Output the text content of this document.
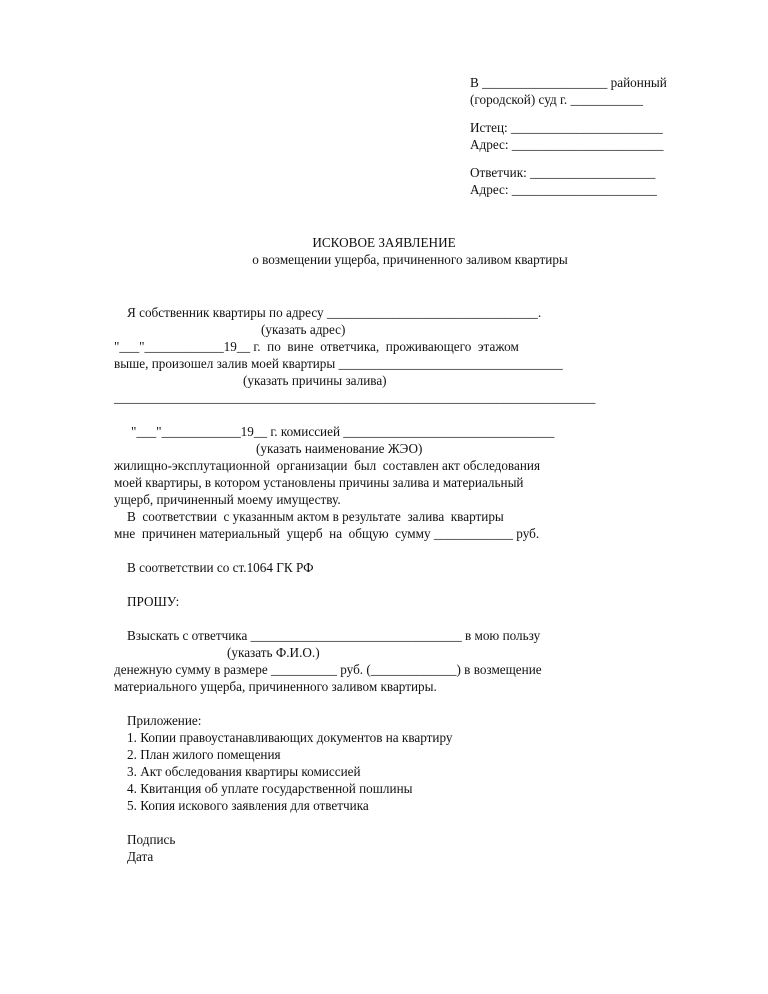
В ___________________ районный
(городской) суд г. ___________
Истец: _______________________
Адрес: _______________________
Ответчик: ___________________
Адрес: ______________________
ИСКОВОЕ ЗАЯВЛЕНИЕ
о возмещении ущерба, причиненного заливом квартиры
Я собственник квартиры по адресу ________________________________.
(указать адрес)
"___"____________19__ г.  по  вине  ответчика,  проживающего  этажом
выше, произошел залив моей квартиры __________________________________
(указать причины залива)
_________________________________________________________________________
"___"____________19__ г. комиссией ________________________________
(указать наименование ЖЭО)
жилищно-эксплутационной  организации  был  составлен акт обследования
моей квартиры, в котором установлены причины залива и материальный
ущерб, причиненный моему имуществу.
В  соответствии  с указанным актом в результате  залива  квартиры
мне  причинен материальный  ущерб  на  общую  сумму ____________ руб.
В соответствии со ст.1064 ГК РФ
ПРОШУ:
Взыскать с ответчика ________________________________ в мою пользу
(указать Ф.И.О.)
денежную сумму в размере __________ руб. (_____________) в возмещение
материального ущерба, причиненного заливом квартиры.
Приложение:
1. Копии правоустанавливающих документов на квартиру
2. План жилого помещения
3. Акт обследования квартиры комиссией
4. Квитанция об уплате государственной пошлины
5. Копия искового заявления для ответчика
Подпись
Дата
